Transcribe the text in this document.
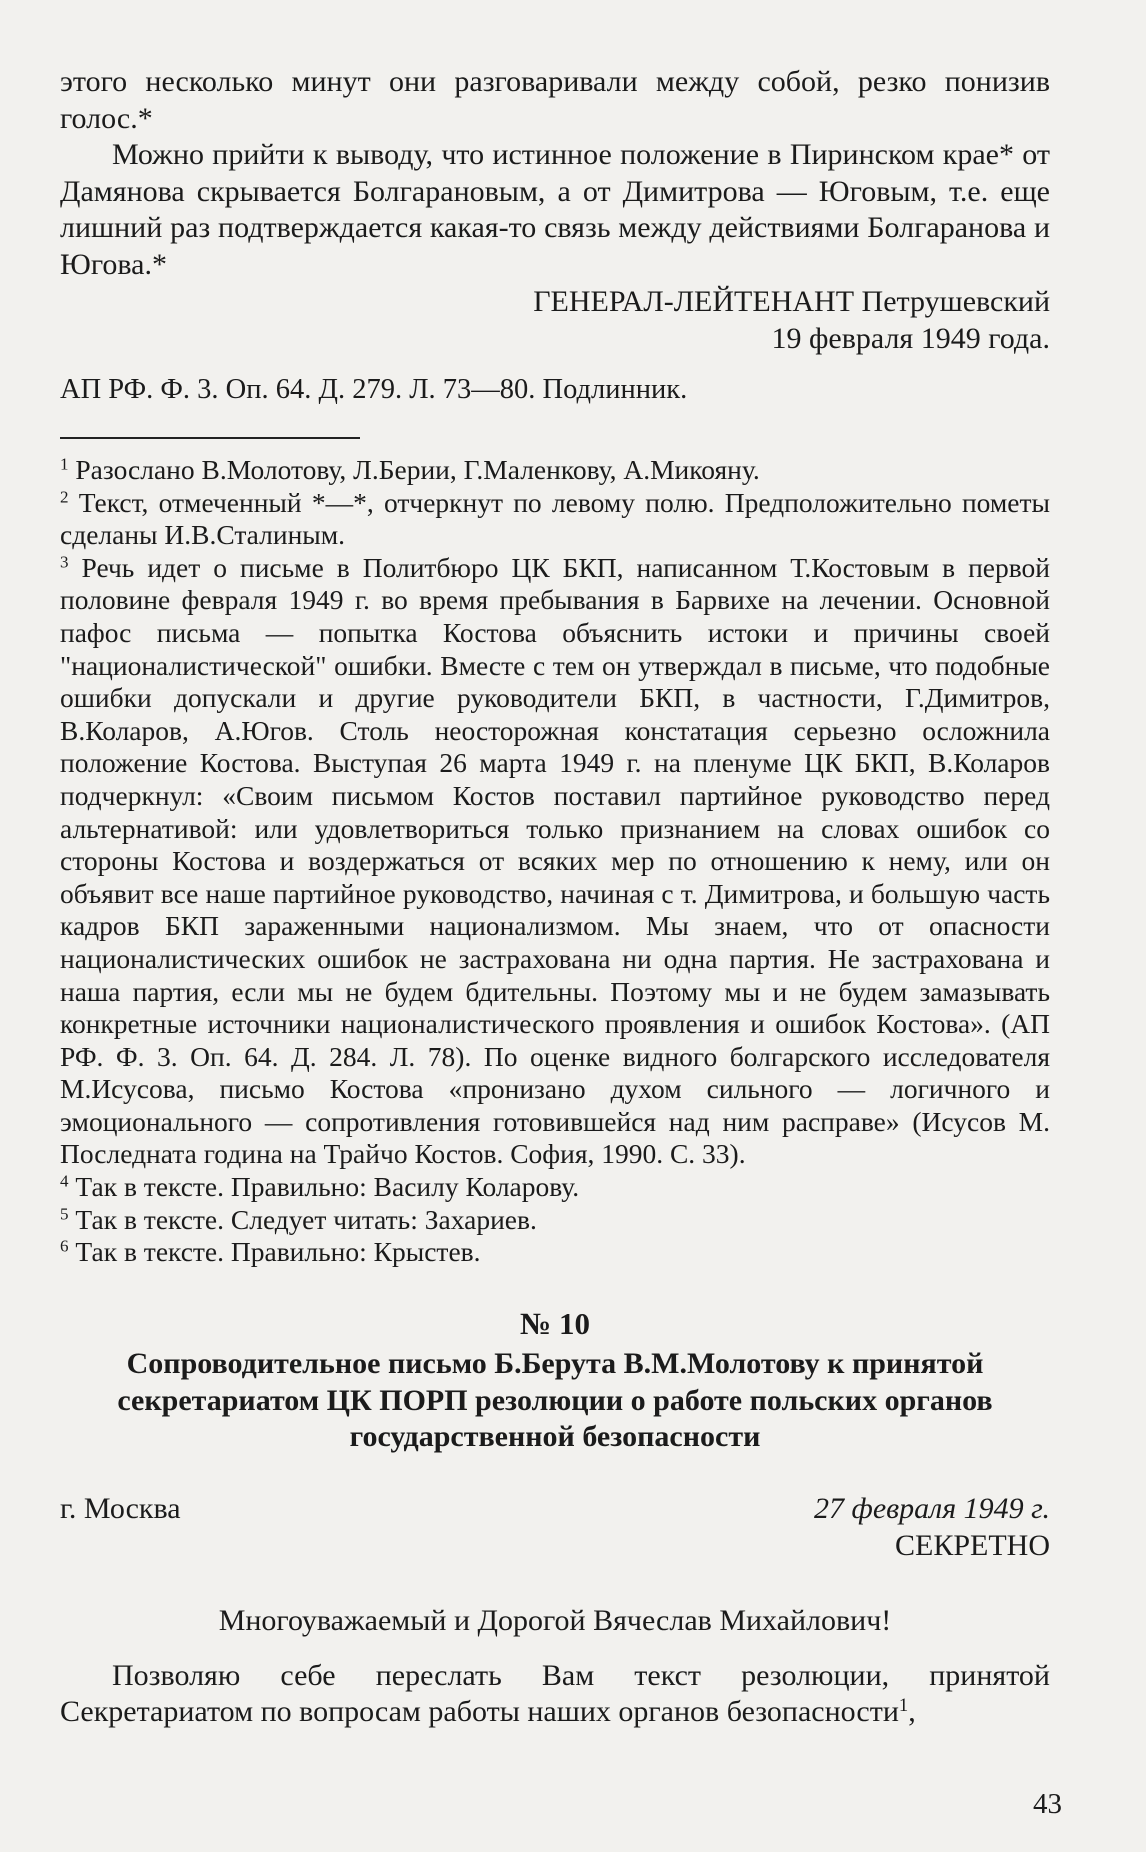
этого несколько минут они разговаривали между собой, резко понизив голос.*

Можно прийти к выводу, что истинное положение в Пиринском крае* от Дамянова скрывается Болгарановым, а от Димитрова — Юговым, т.е. еще лишний раз подтверждается какая-то связь между действиями Болгаранова и Югова.*

ГЕНЕРАЛ-ЛЕЙТЕНАНТ Петрушевский

19 февраля 1949 года.

АП РФ. Ф. 3. Оп. 64. Д. 279. Л. 73—80. Подлинник.

$^1$ Разослано В.Молотову, Л.Берии, Г.Маленкову, А.Микояну.

$^2$ Текст, отмеченный *—*, отчеркнут по левому полю. Предположительно пометы сделаны И.В.Сталиным.

$^3$ Речь идет о письме в Политбюро ЦК БКП, написанном Т.Костовым в первой половине февраля 1949 г. во время пребывания в Барвихе на лечении. Основной пафос письма — попытка Костова объяснить истоки и причины своей "националистической" ошибки. Вместе с тем он утверждал в письме, что подобные ошибки допускали и другие руководители БКП, в частности, Г.Димитров, В.Коларов, А.Югов. Столь неосторожная констатация серьезно осложнила положение Костова. Выступая 26 марта 1949 г. на пленуме ЦК БКП, В.Коларов подчеркнул: «Своим письмом Костов поставил партийное руководство перед альтернативой: или удовлетвориться только признанием на словах ошибок со стороны Костова и воздержаться от всяких мер по отношению к нему, или он объявит все наше партийное руководство, начиная с т. Димитрова, и большую часть кадров БКП зараженными национализмом. Мы знаем, что от опасности националистических ошибок не застрахована ни одна партия. Не застрахована и наша партия, если мы не будем бдительны. Поэтому мы и не будем замазывать конкретные источники националистического проявления и ошибок Костова». (АП РФ. Ф. 3. Оп. 64. Д. 284. Л. 78). По оценке видного болгарского исследователя М.Исусова, письмо Костова «пронизано духом сильного — логичного и эмоционального — сопротивления готовившейся над ним расправе» (Исусов М. Последната година на Трайчо Костов. София, 1990. С. 33).

$^4$ Так в тексте. Правильно: Василу Коларову.

$^5$ Так в тексте. Следует читать: Захариев.

$^6$ Так в тексте. Правильно: Крыстев.

№ 10

Сопроводительное письмо Б.Берута В.М.Молотову к принятой секретариатом ЦК ПОРП резолюции о работе польских органов государственной безопасности

г. Москва	27 февраля 1949 г.

СЕКРЕТНО

Многоуважаемый и Дорогой Вячеслав Михайлович!

Позволяю себе переслать Вам текст резолюции, принятой Секретариатом по вопросам работы наших органов безопасности$^1$,

43
